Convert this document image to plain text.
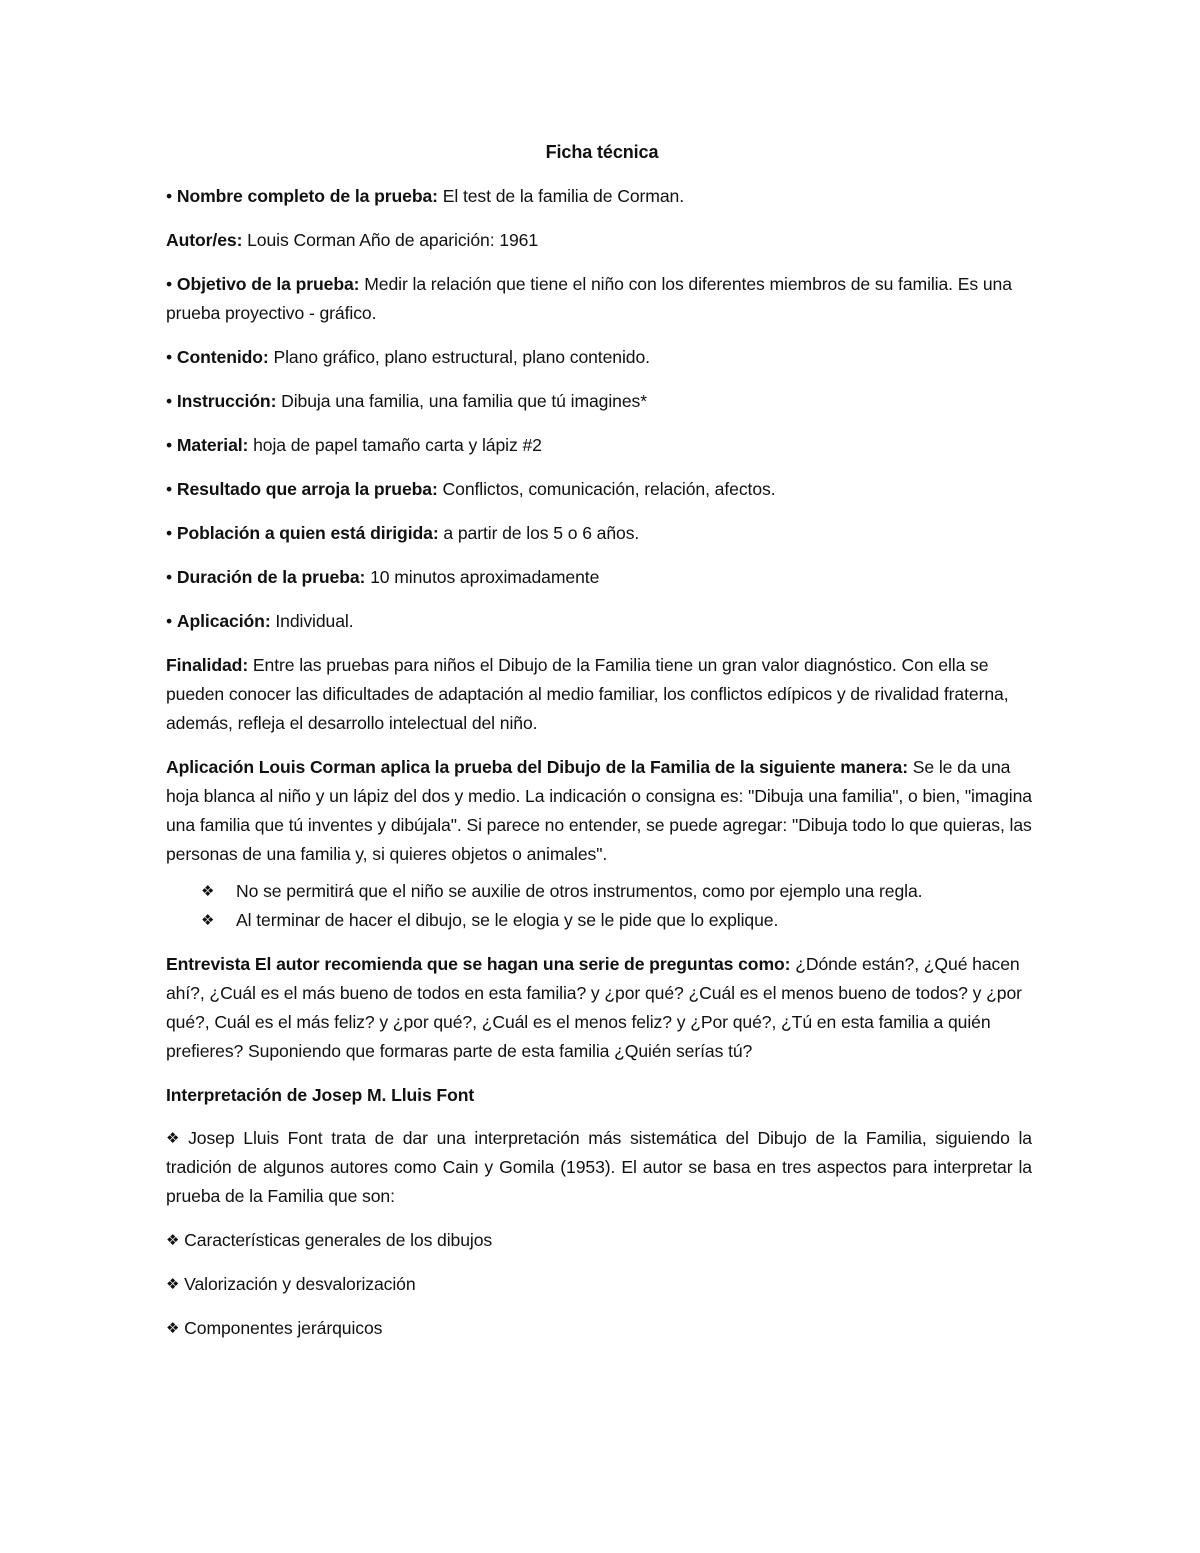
Ficha técnica

• Nombre completo de la prueba: El test de la familia de Corman.

Autor/es: Louis Corman Año de aparición: 1961

• Objetivo de la prueba: Medir la relación que tiene el niño con los diferentes miembros de su familia. Es una prueba proyectivo - gráfico.

• Contenido: Plano gráfico, plano estructural, plano contenido.

• Instrucción: Dibuja una familia, una familia que tú imagines*

• Material: hoja de papel tamaño carta y lápiz #2

• Resultado que arroja la prueba: Conflictos, comunicación, relación, afectos.

• Población a quien está dirigida: a partir de los 5 o 6 años.

• Duración de la prueba: 10 minutos aproximadamente

• Aplicación: Individual.

Finalidad: Entre las pruebas para niños el Dibujo de la Familia tiene un gran valor diagnóstico. Con ella se pueden conocer las dificultades de adaptación al medio familiar, los conflictos edípicos y de rivalidad fraterna, además, refleja el desarrollo intelectual del niño.

Aplicación Louis Corman aplica la prueba del Dibujo de la Familia de la siguiente manera: Se le da una hoja blanca al niño y un lápiz del dos y medio. La indicación o consigna es: "Dibuja una familia", o bien, "imagina una familia que tú inventes y dibújala". Si parece no entender, se puede agregar: "Dibuja todo lo que quieras, las personas de una familia y, si quieres objetos o animales".

❖ No se permitirá que el niño se auxilie de otros instrumentos, como por ejemplo una regla.
❖ Al terminar de hacer el dibujo, se le elogia y se le pide que lo explique.

Entrevista El autor recomienda que se hagan una serie de preguntas como: ¿Dónde están?, ¿Qué hacen ahí?, ¿Cuál es el más bueno de todos en esta familia? y ¿por qué? ¿Cuál es el menos bueno de todos? y ¿por qué?, Cuál es el más feliz? y ¿por qué?, ¿Cuál es el menos feliz? y ¿Por qué?, ¿Tú en esta familia a quién prefieres? Suponiendo que formaras parte de esta familia ¿Quién serías tú?

Interpretación de Josep M. Lluis Font

❖ Josep Lluis Font trata de dar una interpretación más sistemática del Dibujo de la Familia, siguiendo la tradición de algunos autores como Cain y Gomila (1953). El autor se basa en tres aspectos para interpretar la prueba de la Familia que son:

❖ Características generales de los dibujos

❖ Valorización y desvalorización

❖ Componentes jerárquicos
